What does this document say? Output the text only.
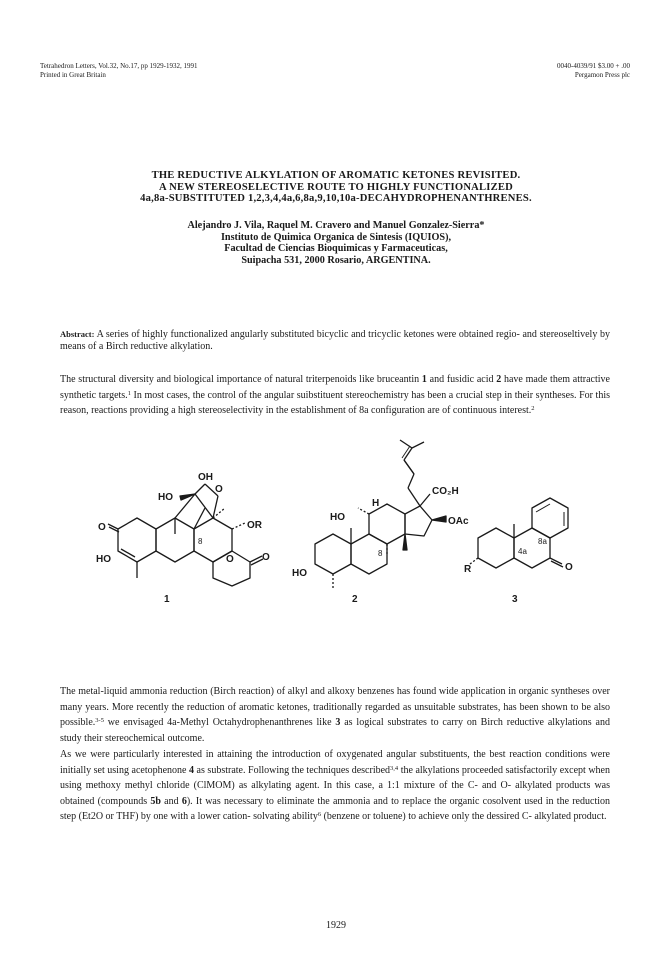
Tetrahedron Letters, Vol.32, No.17, pp 1929-1932, 1991
Printed in Great Britain
0040-4039/91 $3.00 + .00
Pergamon Press plc
THE REDUCTIVE ALKYLATION OF AROMATIC KETONES REVISITED.
A NEW STEREOSELECTIVE ROUTE TO HIGHLY FUNCTIONALIZED
4a,8a-SUBSTITUTED 1,2,3,4,4a,6,8a,9,10,10a-DECAHYDROPHENANTHRENES.
Alejandro J. Vila, Raquel M. Cravero and Manuel Gonzalez-Sierra*
Instituto de Quimica Organica de Sintesis (IQUIOS),
Facultad de Ciencias Bioquimicas y Farmaceuticas,
Suipacha 531, 2000 Rosario, ARGENTINA.
Abstract: A series of highly functionalized angularly substituted bicyclic and tricyclic ketones were obtained regio- and stereoseltively by means of a Birch reductive alkylation.
The structural diversity and biological importance of natural triterpenoids like bruceantin 1 and fusidic acid 2 have made them attractive synthetic targets.$^1$ In most cases, the control of the angular suibstituent stereochemistry has been a crucial step in their syntheses. For this reason, reactions providing a high stereoselectivity in the establishment of 8a configuration are of continuous interest.$^2$
OH
O
HO
OR
O
HO
8
O	O
1
CO₂H
HO
H
OAc
8
HO
2
4a
8a
R	O
3
The metal-liquid ammonia reduction (Birch reaction) of alkyl and alkoxy benzenes has found wide application in organic syntheses over many years. More recently the reduction of aromatic ketones, traditionally regarded as unsuitable substrates, has been shown to be also possible.$^{3-5}$ we envisaged 4a-Methyl Octahydrophenanthrenes like 3 as logical substrates to carry on Birch reductive alkylations and study their stereochemical outcome.
As we were particularly interested in attaining the introduction of oxygenated angular substituents, the best reaction conditions were initially set using acetophenone 4 as substrate. Following the techniques described$^{3,4}$ the alkylations proceeded satisfactorily except when using methoxy methyl chloride (ClMOM) as alkylating agent. In this case, a 1:1 mixture of the C- and O- alkylated products was obtained (compounds 5b and 6). It was necessary to eliminate the ammonia and to replace the organic cosolvent used in the reduction step (Et2O or THF) by one with a lower cation- solvating ability$^6$ (benzene or toluene) to achieve only the dessired C- alkylated product.
1929
